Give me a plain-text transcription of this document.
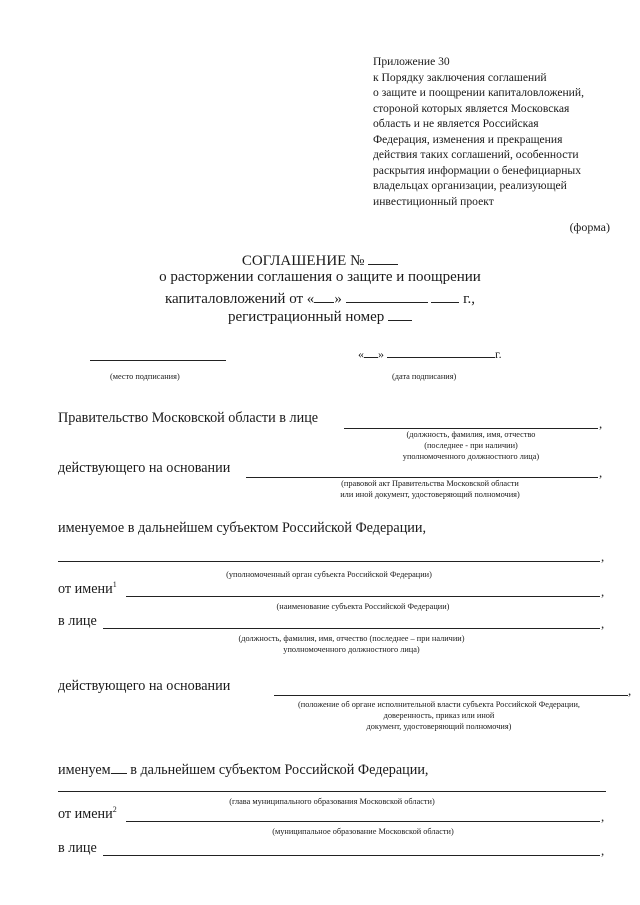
Приложение 30
к Порядку заключения соглашений
о защите и поощрении капиталовложений,
стороной которых является Московская
область и не является Российская
Федерация, изменения и прекращения
действия таких соглашений, особенности
раскрытия информации о бенефициарных
владельцах организации, реализующей
инвестиционный проект
(форма)
СОГЛАШЕНИЕ №
о расторжении соглашения о защите и поощрении
капиталовложений от « »	г.,
регистрационный номер
(место подписания)
« »	г.
(дата подписания)
Правительство Московской области в лице	,
(должность, фамилия, имя, отчество
(последнее - при наличии)
уполномоченного должностного лица)
действующего на основании	,
(правовой акт Правительства Московской области
или иной документ, удостоверяющий полномочия)
именуемое в дальнейшем субъектом Российской Федерации,
,
(уполномоченный орган субъекта Российской Федерации)
от имени$^1$	,
(наименование субъекта Российской Федерации)
в лице	,
(должность, фамилия, имя, отчество (последнее – при наличии)
уполномоченного должностного лица)
действующего на основании	,
(положение об органе исполнительной власти субъекта Российской Федерации,
доверенность, приказ или иной
документ, удостоверяющий полномочия)
именуем в дальнейшем субъектом Российской Федерации,
(глава муниципального образования Московской области)
от имени$^2$	,
(муниципальное образование Московской области)
в лице	,
